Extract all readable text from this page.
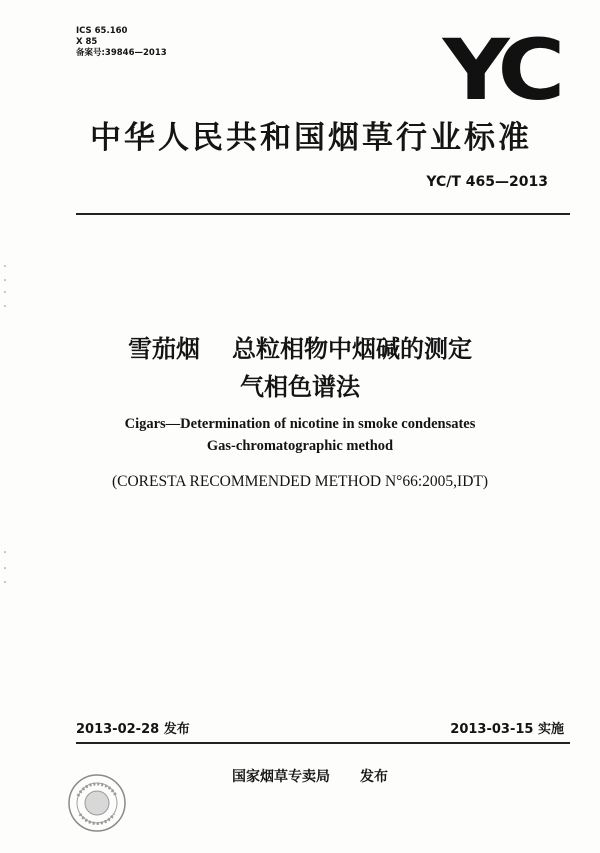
ICS 65.160
X 85
备案号:39846—2013	YC
中华人民共和国烟草行业标准
YC/T 465—2013
雪茄烟 总粒相物中烟碱的测定
气相色谱法
Cigars—Determination of nicotine in smoke condensates
Gas-chromatographic method
(CORESTA RECOMMENDED METHOD N°66:2005,IDT)
2013-02-28 发布	2013-03-15 实施
国家烟草专卖局 发布
